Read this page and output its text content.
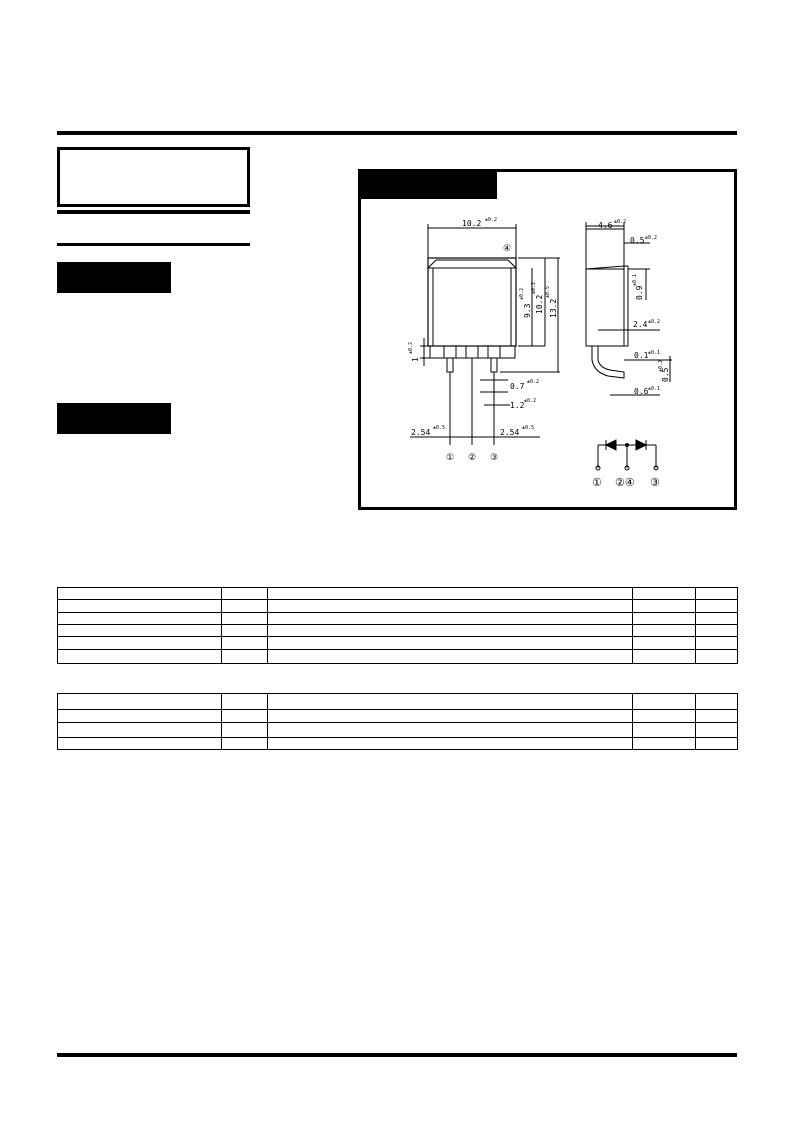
10.2 ±0.2
④
9.3
±0.2
10.2
±0.2
13.2
±0.5
1
±0.2
0.7 ±0.2
1.2 ±0.2
2.54 ±0.5	2.54 ±0.5
① ② ③
4.6 ±0.2
0.5 ±0.2
0.9
±0.1
2.4 ±0.2
0.1 ±0.1
0.5
±0.2
0.6 ±0.1
① ②④ ③
